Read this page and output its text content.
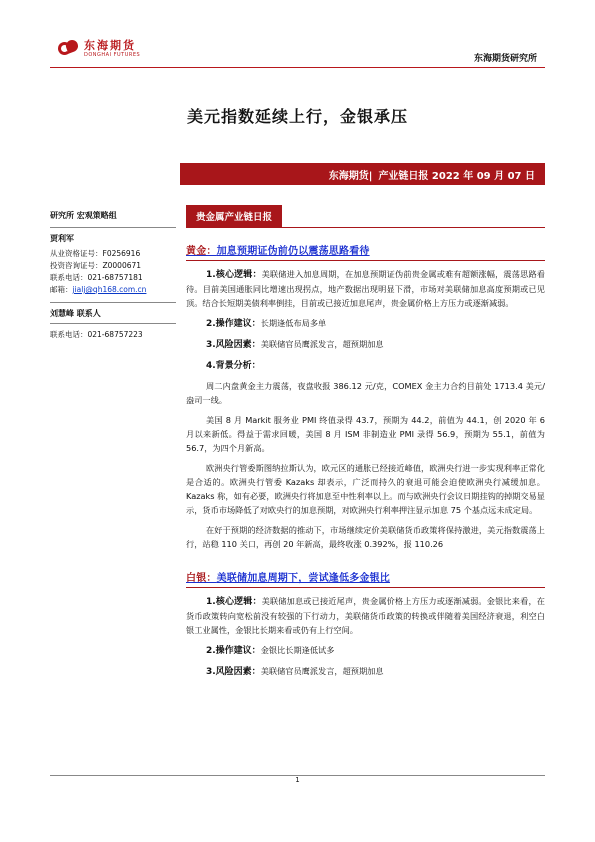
东海期货
DONGHAI FUTURES	东海期货研究所
美元指数延续上行，金银承压
东海期货| 产业链日报 2022 年 09 月 07 日
研究所 宏观策略组
贾利军
从业资格证号：F0256916
投资咨询证号：Z0000671
联系电话：021-68757181
邮箱：jialj@qh168.com.cn
刘慧峰 联系人
联系电话：021-68757223
贵金属产业链日报
黄金：加息预期证伪前仍以震荡思路看待
1.核心逻辑：美联储进入加息周期，在加息预期证伪前贵金属或难有超额涨幅，震荡思路看待。目前美国通胀同比增速出现拐点，地产数据出现明显下滑，市场对美联储加息高度预期或已见顶。结合长短期美债利率倒挂，目前或已接近加息尾声，贵金属价格上方压力或逐渐减弱。
2.操作建议：长期逢低布局多单
3.风险因素：美联储官员鹰派发言，超预期加息
4.背景分析：
周二内盘黄金主力震荡，夜盘收报 386.12 元/克，COMEX 金主力合约目前处 1713.4 美元/盎司一线。
美国 8 月 Markit 服务业 PMI 终值录得 43.7，预期为 44.2，前值为 44.1，创 2020 年 6 月以来新低。得益于需求回暖，美国 8 月 ISM 非制造业 PMI 录得 56.9，预期为 55.1，前值为 56.7，为四个月新高。
欧洲央行管委斯图纳拉斯认为，欧元区的通胀已经接近峰值，欧洲央行进一步实现利率正常化是合适的。欧洲央行管委 Kazaks 却表示，广泛而持久的衰退可能会迫使欧洲央行减缓加息。Kazaks 称，如有必要，欧洲央行将加息至中性利率以上。而与欧洲央行会议日期挂钩的掉期交易显示，货币市场降低了对欧央行的加息预期，对欧洲央行利率押注显示加息 75 个基点远未成定局。
在好于预期的经济数据的推动下，市场继续定价美联储货币政策将保持激进，美元指数震荡上行，站稳 110 关口，再创 20 年新高，最终收涨 0.392%，报 110.26
白银：美联储加息周期下，尝试逢低多金银比
1.核心逻辑：美联储加息或已接近尾声，贵金属价格上方压力或逐渐减弱。金银比来看，在货币政策转向宽松前没有较强的下行动力，美联储货币政策的转换或伴随着美国经济衰退，利空白银工业属性，金银比长期来看或仍有上行空间。
2.操作建议：金银比长期逢低试多
3.风险因素：美联储官员鹰派发言，超预期加息
1
